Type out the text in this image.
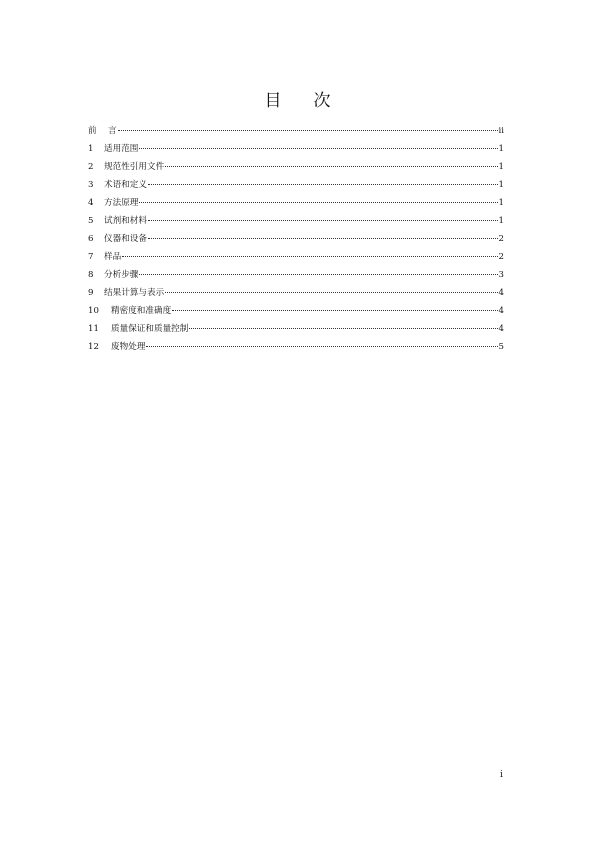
目 次
前	言	ii
1	适用范围	1
2	规范性引用文件	1
3	术语和定义	1
4	方法原理	1
5	试剂和材料	1
6	仪器和设备	2
7	样品	2
8	分析步骤	3
9	结果计算与表示	4
10	精密度和准确度	4
11	质量保证和质量控制	4
12	废物处理	5
i
